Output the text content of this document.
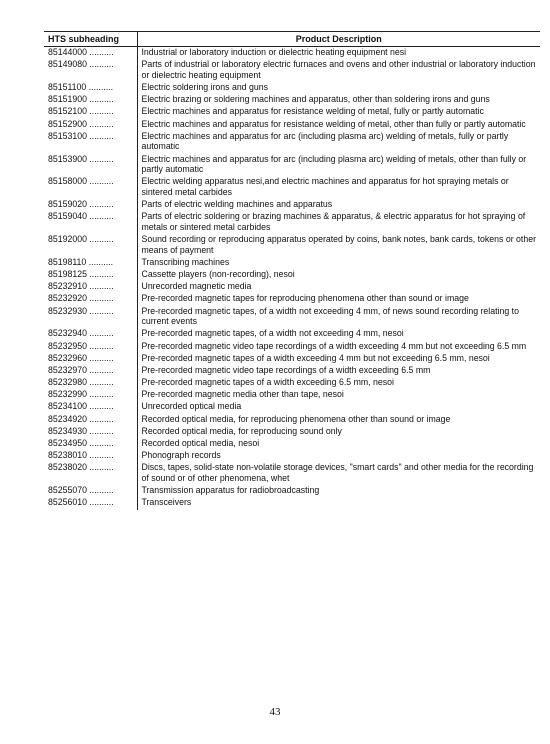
HTS subheading	Product Description
85144000 ..........	Industrial or laboratory induction or dielectric heating equipment nesi
85149080 ..........	Parts of industrial or laboratory electric furnaces and ovens and other industrial or laboratory induction or dielectric heating equipment
85151100 ..........	Electric soldering irons and guns
85151900 ..........	Electric brazing or soldering machines and apparatus, other than soldering irons and guns
85152100 ..........	Electric machines and apparatus for resistance welding of metal, fully or partly automatic
85152900 ..........	Electric machines and apparatus for resistance welding of metal, other than fully or partly automatic
85153100 ..........	Electric machines and apparatus for arc (including plasma arc) welding of metals, fully or partly automatic
85153900 ..........	Electric machines and apparatus for arc (including plasma arc) welding of metals, other than fully or partly automatic
85158000 ..........	Electric welding apparatus nesi,and electric machines and apparatus for hot spraying metals or sintered metal carbides
85159020 ..........	Parts of electric welding machines and apparatus
85159040 ..........	Parts of electric soldering or brazing machines & apparatus, & electric apparatus for hot spraying of metals or sintered metal carbides
85192000 ..........	Sound recording or reproducing apparatus operated by coins, bank notes, bank cards, tokens or other means of payment
85198110 ..........	Transcribing machines
85198125 ..........	Cassette players (non-recording), nesoi
85232910 ..........	Unrecorded magnetic media
85232920 ..........	Pre-recorded magnetic tapes for reproducing phenomena other than sound or image
85232930 ..........	Pre-recorded magnetic tapes, of a width not exceeding 4 mm, of news sound recording relating to current events
85232940 ..........	Pre-recorded magnetic tapes, of a width not exceeding 4 mm, nesoi
85232950 ..........	Pre-recorded magnetic video tape recordings of a width exceeding 4 mm but not exceeding 6.5 mm
85232960 ..........	Pre-recorded magnetic tapes of a width exceeding 4 mm but not exceeding 6.5 mm, nesoi
85232970 ..........	Pre-recorded magnetic video tape recordings of a width exceeding 6.5 mm
85232980 ..........	Pre-recorded magnetic tapes of a width exceeding 6.5 mm, nesoi
85232990 ..........	Pre-recorded magnetic media other than tape, nesoi
85234100 ..........	Unrecorded optical media
85234920 ..........	Recorded optical media, for reproducing phenomena other than sound or image
85234930 ..........	Recorded optical media, for reproducing sound only
85234950 ..........	Recorded optical media, nesoi
85238010 ..........	Phonograph records
85238020 ..........	Discs, tapes, solid-state non-volatile storage devices, "smart cards" and other media for the recording of sound or of other phenomena, whet
85255070 ..........	Transmission apparatus for radiobroadcasting
85256010 ..........	Transceivers
43
